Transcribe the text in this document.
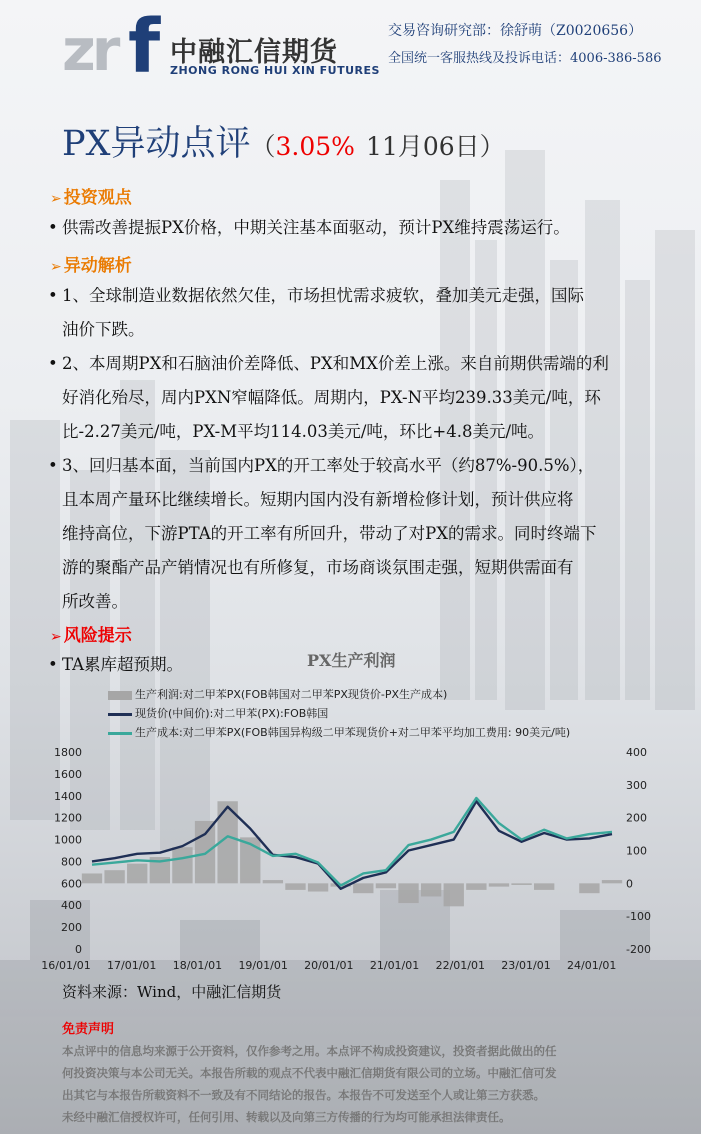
zr f 中融汇信期货
ZHONG RONG HUI XIN FUTURES
交易咨询研究部：徐舒萌（Z0020656）
全国统一客服热线及投诉电话：4006-386-586
PX异动点评（3.05% 11月06日）
➢ 投资观点
• 供需改善提振PX价格，中期关注基本面驱动，预计PX维持震荡运行。
➢ 异动解析
• 1、全球制造业数据依然欠佳，市场担忧需求疲软，叠加美元走强，国际
油价下跌。
• 2、本周期PX和石脑油价差降低、PX和MX价差上涨。来自前期供需端的利
好消化殆尽，周内PXN窄幅降低。周期内，PX-N平均239.33美元/吨，环
比-2.27美元/吨，PX-M平均114.03美元/吨，环比+4.8美元/吨。
• 3、回归基本面，当前国内PX的开工率处于较高水平（约87%-90.5%），
且本周产量环比继续增长。短期内国内没有新增检修计划，预计供应将
维持高位，下游PTA的开工率有所回升，带动了对PX的需求。同时终端下
游的聚酯产品产销情况也有所修复，市场商谈氛围走强，短期供需面有
所改善。
➢ 风险提示
• TA累库超预期。	PX生产利润
生产利润:对二甲苯PX(FOB韩国对二甲苯PX现货价-PX生产成本)
现货价(中间价):对二甲苯(PX):FOB韩国
生产成本:对二甲苯PX(FOB韩国异构级二甲苯现货价+对二甲苯平均加工费用: 90美元/吨)
0
200
400
600
800
1000
1200
1400
1600
1800
-200
-100
0
100
200
300
400
16/01/01 17/01/01 18/01/01 19/01/01 20/01/01 21/01/01 22/01/01 23/01/01 24/01/01
资料来源：Wind，中融汇信期货
免责声明
本点评中的信息均来源于公开资料，仅作参考之用。本点评不构成投资建议，投资者据此做出的任
何投资决策与本公司无关。本报告所载的观点不代表中融汇信期货有限公司的立场。中融汇信可发
出其它与本报告所载资料不一致及有不同结论的报告。本报告不可发送至个人或让第三方获悉。
未经中融汇信授权许可，任何引用、转载以及向第三方传播的行为均可能承担法律责任。
